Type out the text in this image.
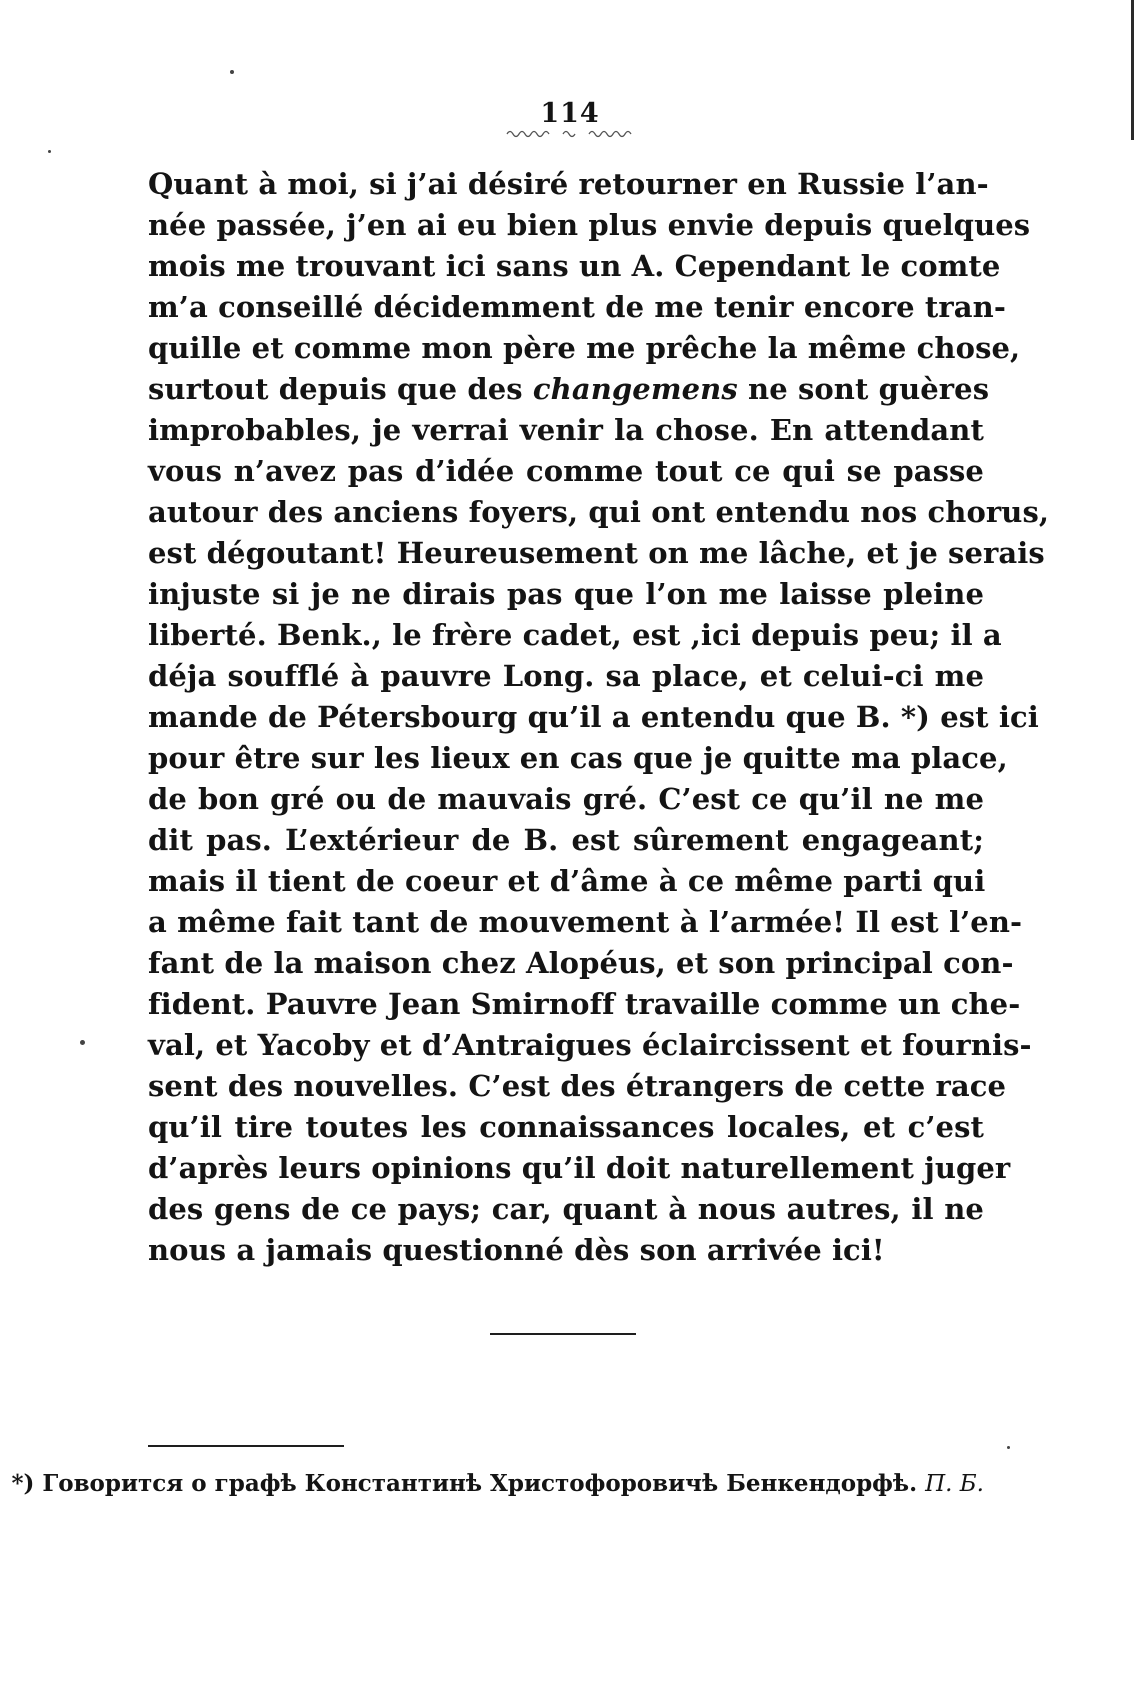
114
Quant à moi, si j’ai désiré retourner en Russie l’an-
née passée, j’en ai eu bien plus envie depuis quelques
mois me trouvant ici sans un A. Cependant le comte
m’a conseillé décidemment de me tenir encore tran-
quille et comme mon père me prêche la même chose,
surtout depuis que des changemens ne sont guères
improbables, je verrai venir la chose. En attendant
vous n’avez pas d’idée comme tout ce qui se passe
autour des anciens foyers, qui ont entendu nos chorus,
est dégoutant! Heureusement on me lâche, et je serais
injuste si je ne dirais pas que l’on me laisse pleine
liberté. Benk., le frère cadet, est ,ici depuis peu; il a
déja soufflé à pauvre Long. sa place, et celui-ci me
mande de Pétersbourg qu’il a entendu que B. *) est ici
pour être sur les lieux en cas que je quitte ma place,
de bon gré ou de mauvais gré. C’est ce qu’il ne me
dit pas. L’extérieur de B. est sûrement engageant;
mais il tient de coeur et d’âme à ce même parti qui
a même fait tant de mouvement à l’armée! Il est l’en-
fant de la maison chez Alopéus, et son principal con-
fident. Pauvre Jean Smirnoff travaille comme un che-
val, et Yacoby et d’Antraigues éclaircissent et fournis-
sent des nouvelles. C’est des étrangers de cette race
qu’il tire toutes les connaissances locales, et c’est
d’après leurs opinions qu’il doit naturellement juger
des gens de ce pays; car, quant à nous autres, il ne
nous a jamais questionné dès son arrivée ici!
*) Говорится о графѣ Константинѣ Христофоровичѣ Бенкендорфѣ. П. Б.
